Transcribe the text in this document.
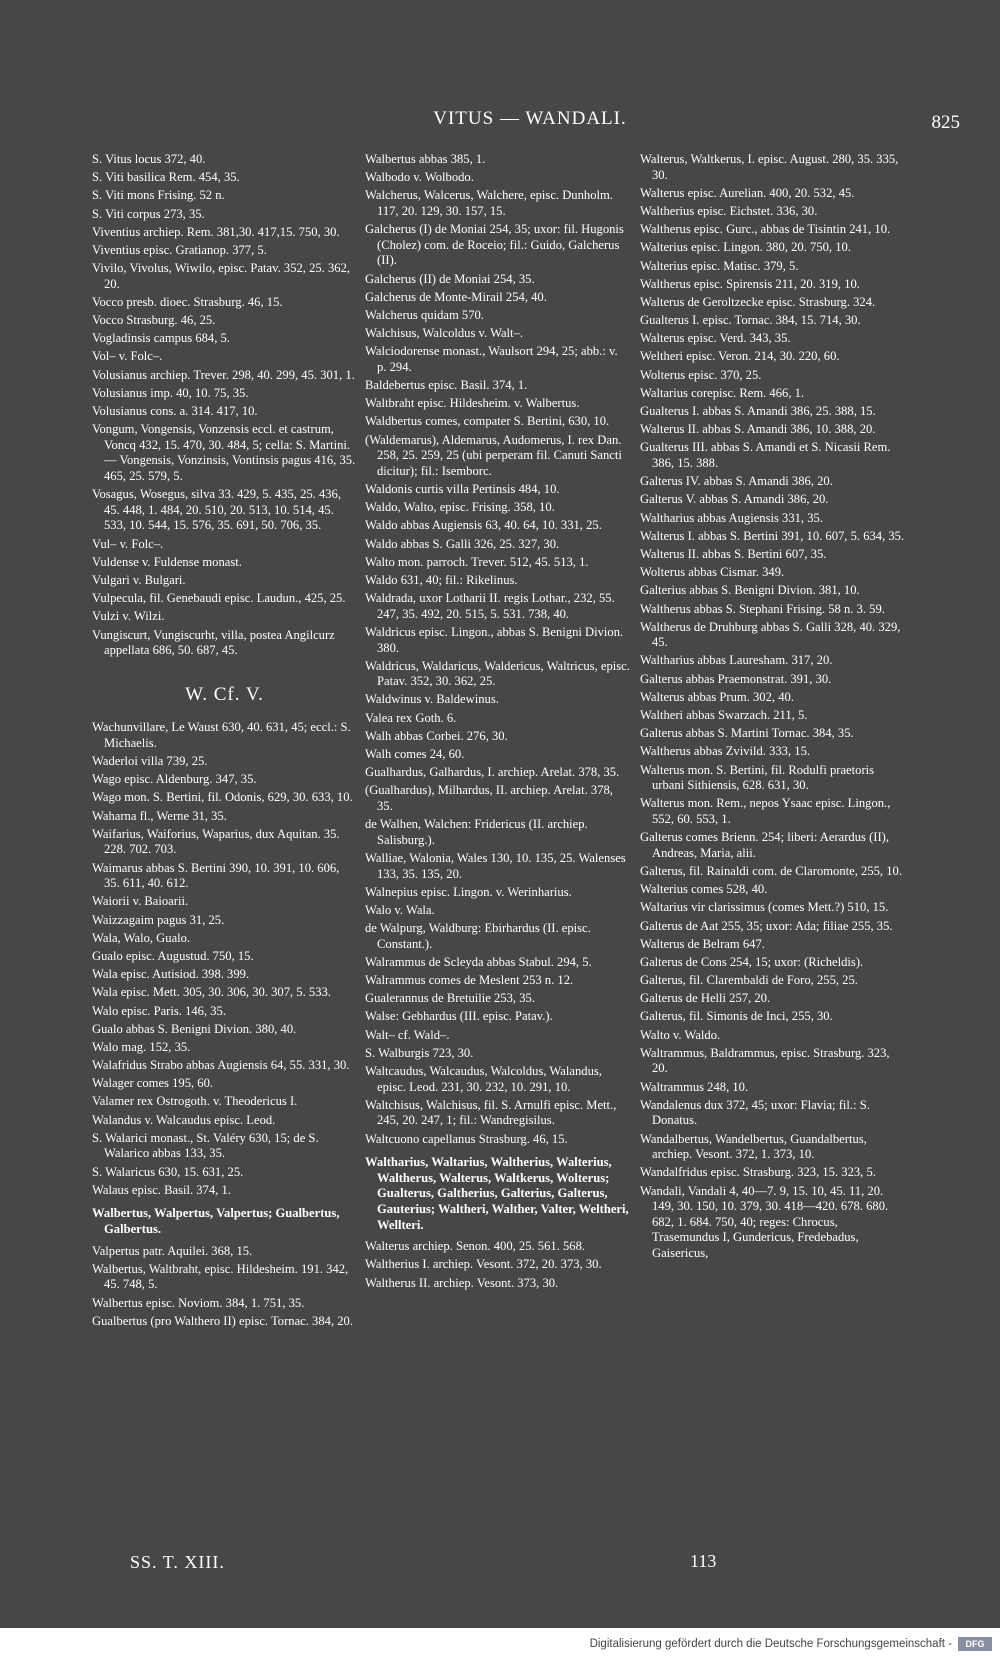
VITUS — WANDALI.	825
S. Vitus locus 372, 40.
S. Viti basilica Rem. 454, 35.
S. Viti mons Frising. 52 n.
S. Viti corpus 273, 35.
Viventius archiep. Rem. 381,30. 417,15. 750, 30.
Viventius episc. Gratianop. 377, 5.
Vivilo, Vivolus, Wiwilo, episc. Patav. 352, 25. 362, 20.
Vocco presb. dioec. Strasburg. 46, 15.
Vocco Strasburg. 46, 25.
Vogladinsis campus 684, 5.
Vol– v. Folc–.
Volusianus archiep. Trever. 298, 40. 299, 45. 301, 1.
Volusianus imp. 40, 10. 75, 35.
Volusianus cons. a. 314. 417, 10.
Vongum, Vongensis, Vonzensis eccl. et castrum, Voncq 432, 15. 470, 30. 484, 5; cella: S. Martini. — Vongensis, Vonzinsis, Vontinsis pagus 416, 35. 465, 25. 579, 5.
Vosagus, Wosegus, silva 33. 429, 5. 435, 25. 436, 45. 448, 1. 484, 20. 510, 20. 513, 10. 514, 45. 533, 10. 544, 15. 576, 35. 691, 50. 706, 35.
Vul– v. Folc–.
Vuldense v. Fuldense monast.
Vulgari v. Bulgari.
Vulpecula, fil. Genebaudi episc. Laudun., 425, 25.
Vulzi v. Wilzi.
Vungiscurt, Vungiscurht, villa, postea Angilcurz appellata 686, 50. 687, 45.
W. Cf. V.
Wachunvillare, Le Waust 630, 40. 631, 45; eccl.: S. Michaelis.
Waderloi villa 739, 25.
Wago episc. Aldenburg. 347, 35.
Wago mon. S. Bertini, fil. Odonis, 629, 30. 633, 10.
Waharna fl., Werne 31, 35.
Waifarius, Waiforius, Waparius, dux Aquitan. 35. 228. 702. 703.
Waimarus abbas S. Bertini 390, 10. 391, 10. 606, 35. 611, 40. 612.
Waiorii v. Baioarii.
Waizzagaim pagus 31, 25.
Wala, Walo, Gualo.
Gualo episc. Augustud. 750, 15.
Wala episc. Autisiod. 398. 399.
Wala episc. Mett. 305, 30. 306, 30. 307, 5. 533.
Walo episc. Paris. 146, 35.
Gualo abbas S. Benigni Divion. 380, 40.
Walo mag. 152, 35.
Walafridus Strabo abbas Augiensis 64, 55. 331, 30.
Walager comes 195, 60.
Valamer rex Ostrogoth. v. Theodericus I.
Walandus v. Walcaudus episc. Leod.
S. Walarici monast., St. Valéry 630, 15; de S. Walarico abbas 133, 35.
S. Walaricus 630, 15. 631, 25.
Walaus episc. Basil. 374, 1.
Walbertus, Walpertus, Valpertus; Gualbertus, Galbertus.
Valpertus patr. Aquilei. 368, 15.
Walbertus, Waltbraht, episc. Hildesheim. 191. 342, 45. 748, 5.
Walbertus episc. Noviom. 384, 1. 751, 35.
Gualbertus (pro Walthero II) episc. Tornac. 384, 20.
Walbertus abbas 385, 1.
Walbodo v. Wolbodo.
Walcherus, Walcerus, Walchere, episc. Dunholm. 117, 20. 129, 30. 157, 15.
Galcherus (I) de Moniai 254, 35; uxor: fil. Hugonis (Cholez) com. de Roceio; fil.: Guido, Galcherus (II).
Galcherus (II) de Moniai 254, 35.
Galcherus de Monte-Mirail 254, 40.
Walcherus quidam 570.
Walchisus, Walcoldus v. Walt–.
Walciodorense monast., Waulsort 294, 25; abb.: v. p. 294.
Baldebertus episc. Basil. 374, 1.
Waltbraht episc. Hildesheim. v. Walbertus.
Waldbertus comes, compater S. Bertini, 630, 10.
(Waldemarus), Aldemarus, Audomerus, I. rex Dan. 258, 25. 259, 25 (ubi perperam fil. Canuti Sancti dicitur); fil.: Isemborc.
Waldonis curtis villa Pertinsis 484, 10.
Waldo, Walto, episc. Frising. 358, 10.
Waldo abbas Augiensis 63, 40. 64, 10. 331, 25.
Waldo abbas S. Galli 326, 25. 327, 30.
Walto mon. parroch. Trever. 512, 45. 513, 1.
Waldo 631, 40; fil.: Rikelinus.
Waldrada, uxor Lotharii II. regis Lothar., 232, 55. 247, 35. 492, 20. 515, 5. 531. 738, 40.
Waldricus episc. Lingon., abbas S. Benigni Divion. 380.
Waldricus, Waldaricus, Waldericus, Waltricus, episc. Patav. 352, 30. 362, 25.
Waldwinus v. Baldewinus.
Valea rex Goth. 6.
Walh abbas Corbei. 276, 30.
Walh comes 24, 60.
Gualhardus, Galhardus, I. archiep. Arelat. 378, 35.
(Gualhardus), Milhardus, II. archiep. Arelat. 378, 35.
de Walhen, Walchen: Fridericus (II. archiep. Salisburg.).
Walliae, Walonia, Wales 130, 10. 135, 25. Walenses 133, 35. 135, 20.
Walnepius episc. Lingon. v. Werinharius.
Walo v. Wala.
de Walpurg, Waldburg: Ebirhardus (II. episc. Constant.).
Walrammus de Scleyda abbas Stabul. 294, 5.
Walrammus comes de Meslent 253 n. 12.
Gualerannus de Bretuilie 253, 35.
Walse: Gebhardus (III. episc. Patav.).
Walt– cf. Wald–.
S. Walburgis 723, 30.
Waltcaudus, Walcaudus, Walcoldus, Walandus, episc. Leod. 231, 30. 232, 10. 291, 10.
Waltchisus, Walchisus, fil. S. Arnulfi episc. Mett., 245, 20. 247, 1; fil.: Wandregisilus.
Waltcuono capellanus Strasburg. 46, 15.
Waltharius, Waltarius, Waltherius, Walterius, Waltherus, Walterus, Waltkerus, Wolterus; Gualterus, Galtherius, Galterius, Galterus, Gauterius; Waltheri, Walther, Valter, Weltheri, Wellteri.
Walterus archiep. Senon. 400, 25. 561. 568.
Waltherius I. archiep. Vesont. 372, 20. 373, 30.
Waltherus II. archiep. Vesont. 373, 30.
Walterus, Waltkerus, I. episc. August. 280, 35. 335, 30.
Walterus episc. Aurelian. 400, 20. 532, 45.
Waltherius episc. Eichstet. 336, 30.
Waltherus episc. Gurc., abbas de Tisintin 241, 10.
Walterius episc. Lingon. 380, 20. 750, 10.
Walterius episc. Matisc. 379, 5.
Waltherus episc. Spirensis 211, 20. 319, 10.
Walterus de Geroltzecke episc. Strasburg. 324.
Gualterus I. episc. Tornac. 384, 15. 714, 30.
Walterus episc. Verd. 343, 35.
Weltheri episc. Veron. 214, 30. 220, 60.
Wolterus episc. 370, 25.
Waltarius corepisc. Rem. 466, 1.
Gualterus I. abbas S. Amandi 386, 25. 388, 15.
Walterus II. abbas S. Amandi 386, 10. 388, 20.
Gualterus III. abbas S. Amandi et S. Nicasii Rem. 386, 15. 388.
Galterus IV. abbas S. Amandi 386, 20.
Galterus V. abbas S. Amandi 386, 20.
Waltharius abbas Augiensis 331, 35.
Walterus I. abbas S. Bertini 391, 10. 607, 5. 634, 35.
Walterus II. abbas S. Bertini 607, 35.
Wolterus abbas Cismar. 349.
Galterius abbas S. Benigni Divion. 381, 10.
Waltherus abbas S. Stephani Frising. 58 n. 3. 59.
Waltherus de Druhburg abbas S. Galli 328, 40. 329, 45.
Waltharius abbas Lauresham. 317, 20.
Galterus abbas Praemonstrat. 391, 30.
Walterus abbas Prum. 302, 40.
Waltheri abbas Swarzach. 211, 5.
Galterus abbas S. Martini Tornac. 384, 35.
Waltherus abbas Zvivild. 333, 15.
Walterus mon. S. Bertini, fil. Rodulfi praetoris urbani Sithiensis, 628. 631, 30.
Walterus mon. Rem., nepos Ysaac episc. Lingon., 552, 60. 553, 1.
Galterus comes Brienn. 254; liberi: Aerardus (II), Andreas, Maria, alii.
Galterus, fil. Rainaldi com. de Claromonte, 255, 10.
Walterius comes 528, 40.
Waltarius vir clarissimus (comes Mett.?) 510, 15.
Galterus de Aat 255, 35; uxor: Ada; filiae 255, 35.
Walterus de Belram 647.
Galterus de Cons 254, 15; uxor: (Richeldis).
Galterus, fil. Clarembaldi de Foro, 255, 25.
Galterus de Helli 257, 20.
Galterus, fil. Simonis de Inci, 255, 30.
Walto v. Waldo.
Waltrammus, Baldrammus, episc. Strasburg. 323, 20.
Waltrammus 248, 10.
Wandalenus dux 372, 45; uxor: Flavia; fil.: S. Donatus.
Wandalbertus, Wandelbertus, Guandalbertus, archiep. Vesont. 372, 1. 373, 10.
Wandalfridus episc. Strasburg. 323, 15. 323, 5.
Wandali, Vandali 4, 40—7. 9, 15. 10, 45. 11, 20. 149, 30. 150, 10. 379, 30. 418—420. 678. 680. 682, 1. 684. 750, 40; reges: Chrocus, Trasemundus I, Gundericus, Fredebadus, Gaisericus,
SS. T. XIII.	113
Digitalisierung gefördert durch die Deutsche Forschungsgemeinschaft -	DFG
